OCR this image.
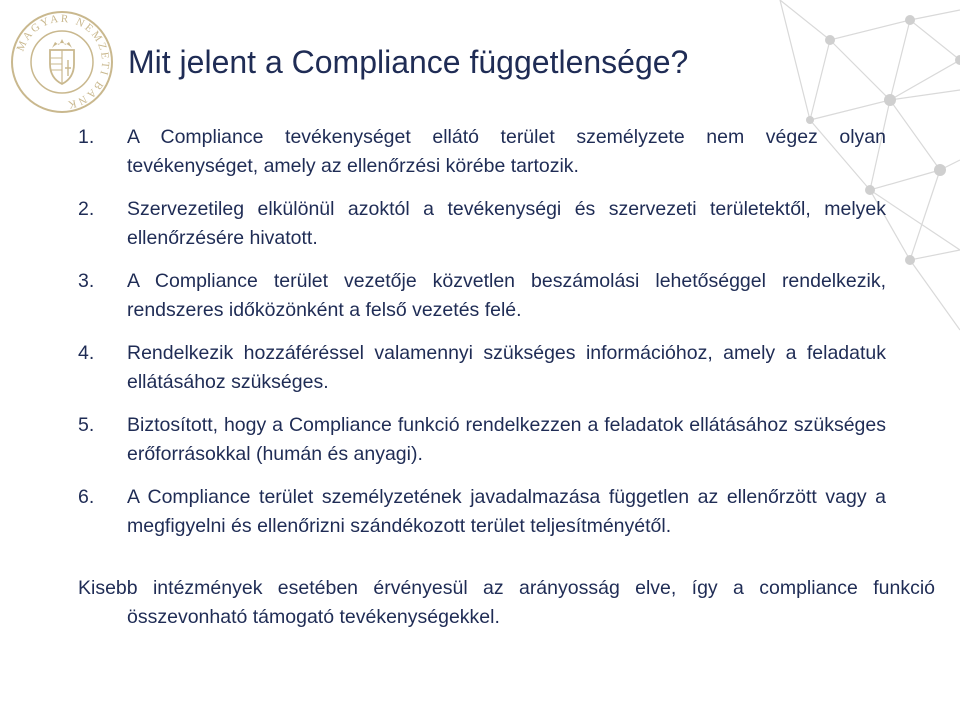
MAGYAR NEMZETI BANK
Mit jelent a Compliance függetlensége?
1. A Compliance tevékenységet ellátó terület személyzete nem végez olyan tevékenységet, amely az ellenőrzési körébe tartozik.
2. Szervezetileg elkülönül azoktól a tevékenységi és szervezeti területektől, melyek ellenőrzésére hivatott.
3. A Compliance terület vezetője közvetlen beszámolási lehetőséggel rendelkezik, rendszeres időközönként a felső vezetés felé.
4. Rendelkezik hozzáféréssel valamennyi szükséges információhoz, amely a feladatuk ellátásához szükséges.
5. Biztosított, hogy a Compliance funkció rendelkezzen a feladatok ellátásához szükséges erőforrásokkal (humán és anyagi).
6. A Compliance terület személyzetének javadalmazása független az ellenőrzött vagy a megfigyelni és ellenőrizni szándékozott terület teljesítményétől.
Kisebb intézmények esetében érvényesül az arányosság elve, így a compliance funkció összevonható támogató tevékenységekkel.
